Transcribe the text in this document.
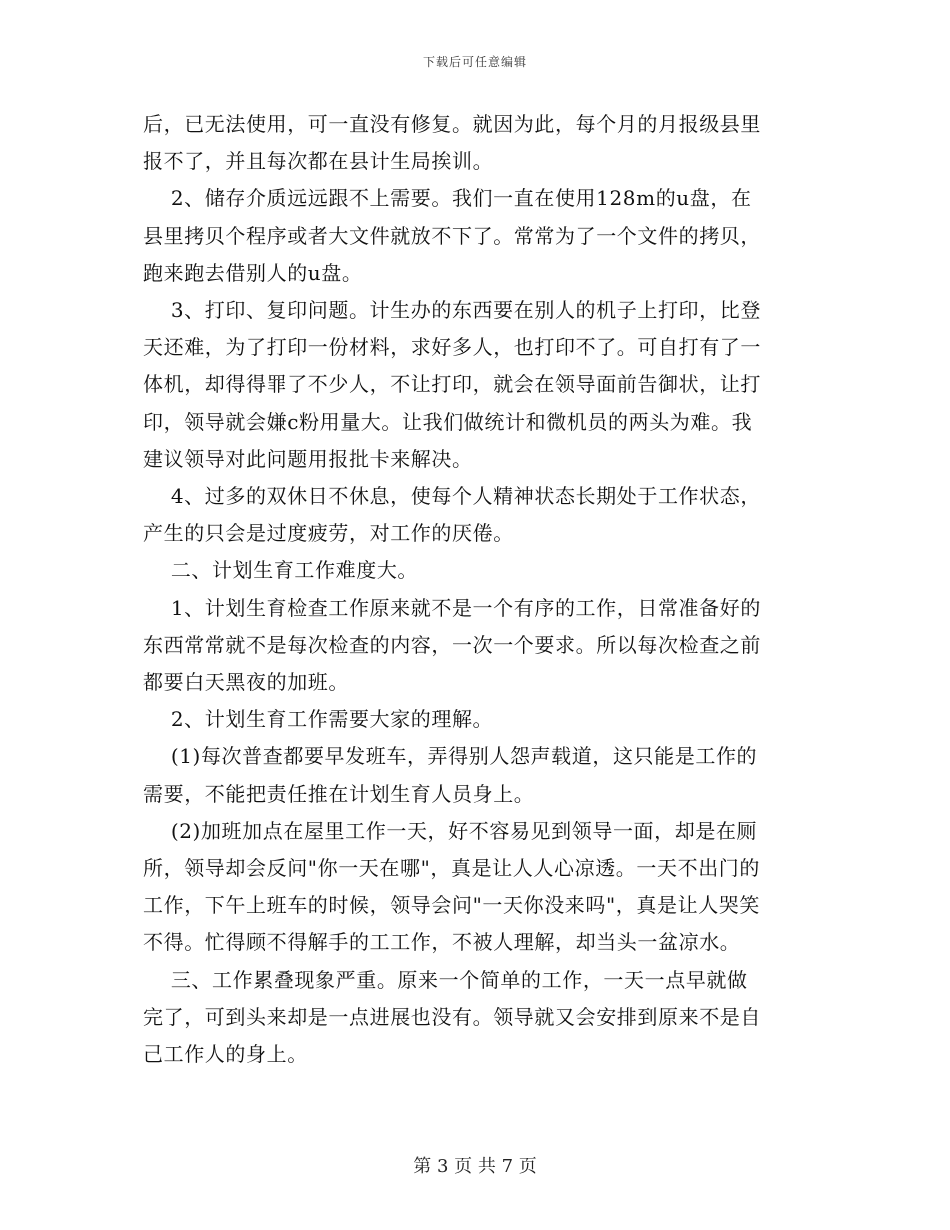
下载后可任意编辑

后，已无法使用，可一直没有修复。就因为此，每个月的月报级县里

报不了，并且每次都在县计生局挨训。

2、储存介质远远跟不上需要。我们一直在使用128m的u盘，在

县里拷贝个程序或者大文件就放不下了。常常为了一个文件的拷贝，

跑来跑去借别人的u盘。

3、打印、复印问题。计生办的东西要在别人的机子上打印，比登

天还难，为了打印一份材料，求好多人，也打印不了。可自打有了一

体机，却得得罪了不少人，不让打印，就会在领导面前告御状，让打

印，领导就会嫌c粉用量大。让我们做统计和微机员的两头为难。我

建议领导对此问题用报批卡来解决。

4、过多的双休日不休息，使每个人精神状态长期处于工作状态，

产生的只会是过度疲劳，对工作的厌倦。

二、计划生育工作难度大。

1、计划生育检查工作原来就不是一个有序的工作，日常准备好的

东西常常就不是每次检查的内容，一次一个要求。所以每次检查之前

都要白天黑夜的加班。

2、计划生育工作需要大家的理解。

(1)每次普查都要早发班车，弄得别人怨声载道，这只能是工作的

需要，不能把责任推在计划生育人员身上。

(2)加班加点在屋里工作一天，好不容易见到领导一面，却是在厕

所，领导却会反问"你一天在哪"，真是让人人心凉透。一天不出门的

工作，下午上班车的时候，领导会问"一天你没来吗"，真是让人哭笑

不得。忙得顾不得解手的工工作，不被人理解，却当头一盆凉水。

三、工作累叠现象严重。原来一个简单的工作，一天一点早就做

完了，可到头来却是一点进展也没有。领导就又会安排到原来不是自

己工作人的身上。

第 3 页 共 7 页
